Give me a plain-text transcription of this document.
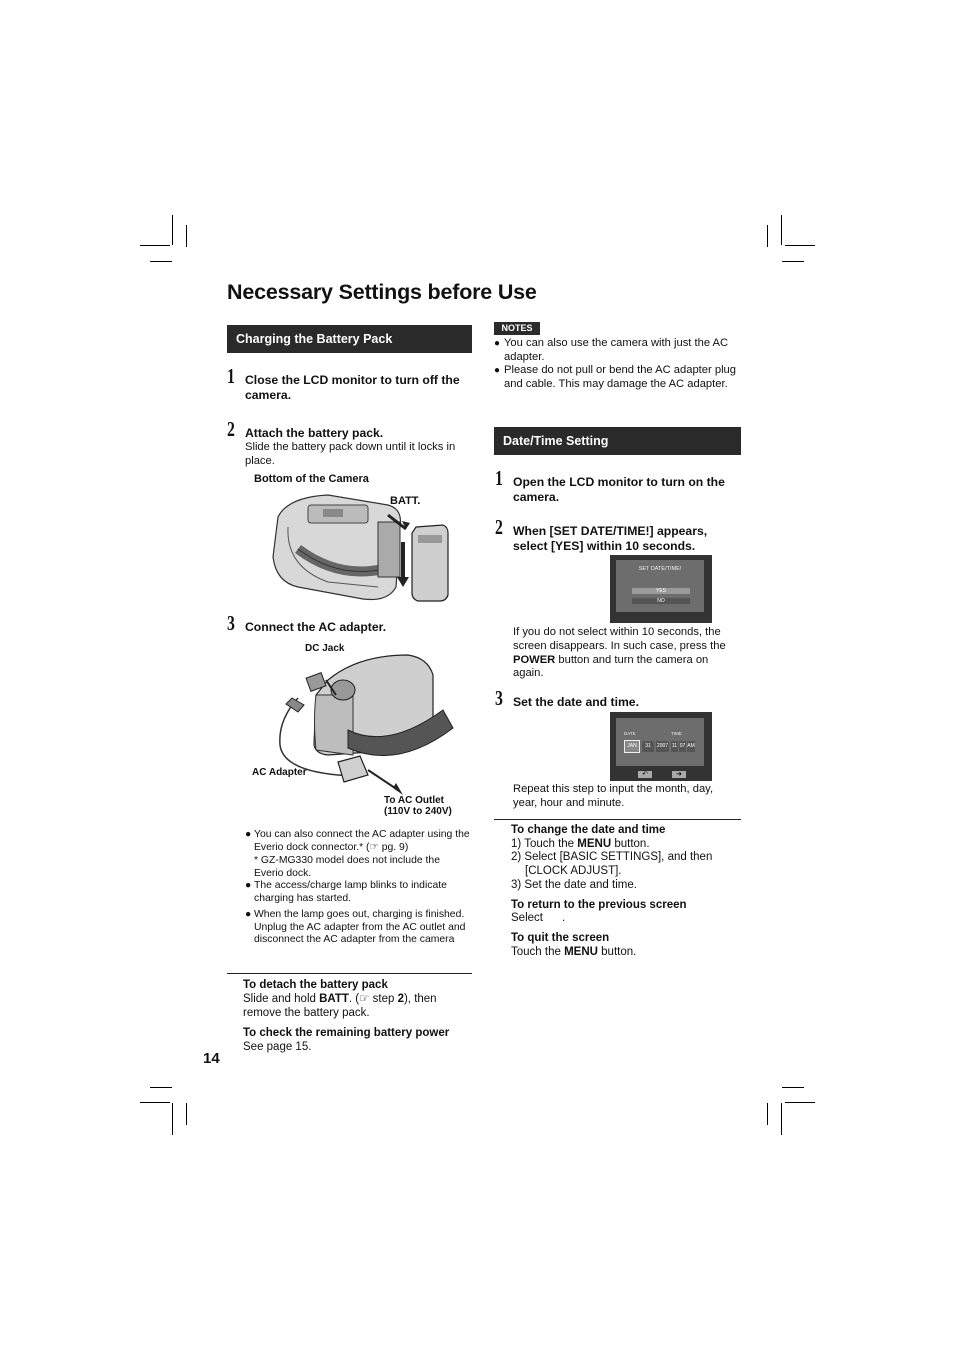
Necessary Settings before Use
Charging the Battery Pack
1 Close the LCD monitor to turn off the camera.
2 Attach the battery pack.
Slide the battery pack down until it locks in place.
Bottom of the Camera
BATT.
3 Connect the AC adapter.
DC Jack
AC Adapter
To AC Outlet
(110V to 240V)
● You can also connect the AC adapter using the Everio dock connector.* (☞ pg. 9)
* GZ-MG330 model does not include the Everio dock.
● The access/charge lamp blinks to indicate charging has started.
● When the lamp goes out, charging is finished. Unplug the AC adapter from the AC outlet and disconnect the AC adapter from the camera
To detach the battery pack
Slide and hold BATT. (☞ step 2), then remove the battery pack.
To check the remaining battery power
See page 15.
14
NOTES
● You can also use the camera with just the AC adapter.
● Please do not pull or bend the AC adapter plug and cable. This may damage the AC adapter.
Date/Time Setting
1 Open the LCD monitor to turn on the camera.
2 When [SET DATE/TIME!] appears, select [YES] within 10 seconds.
SET DATE/TIME!
YES
NO
If you do not select within 10 seconds, the screen disappears. In such case, press the POWER button and turn the camera on again.
3 Set the date and time.
DATE	TIME
JAN	31	2007 11 07 AM
↶	➜
Repeat this step to input the month, day, year, hour and minute.
To change the date and time
1) Touch the MENU button.
2) Select [BASIC SETTINGS], and then
[CLOCK ADJUST].
3) Set the date and time.
To return to the previous screen
Select .
To quit the screen
Touch the MENU button.
